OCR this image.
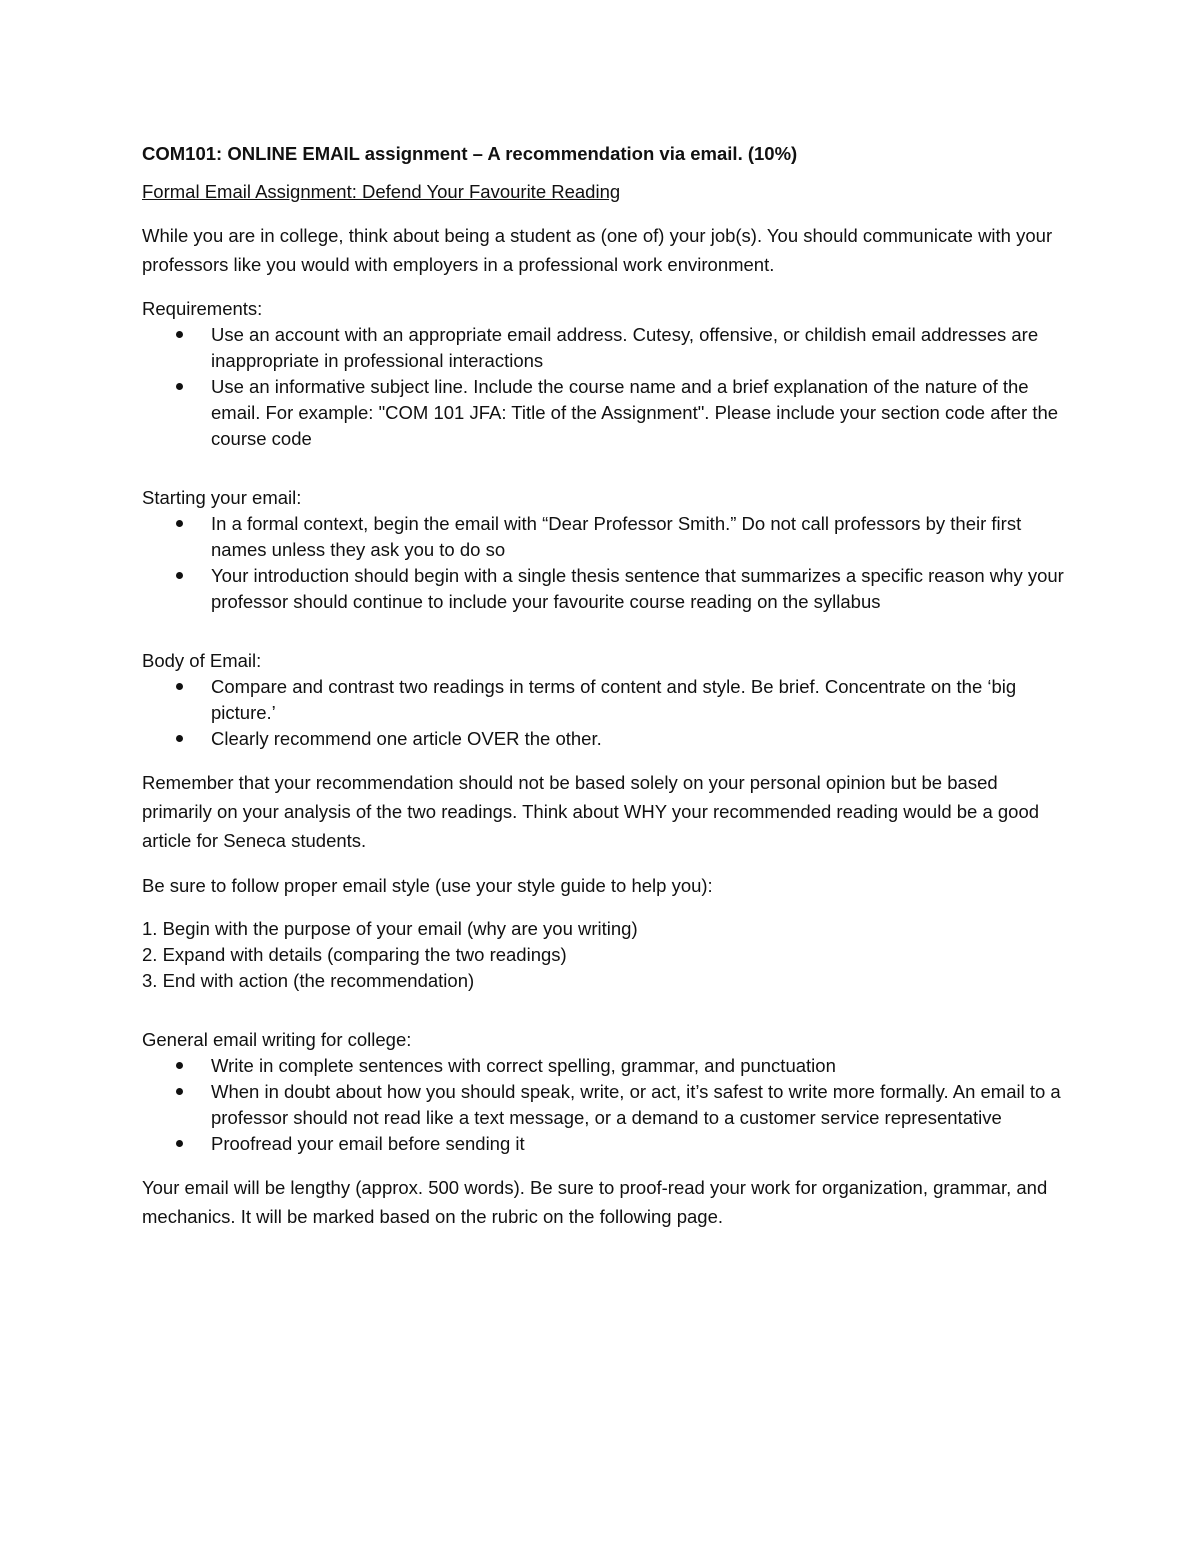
COM101: ONLINE EMAIL assignment – A recommendation via email. (10%)

Formal Email Assignment: Defend Your Favourite Reading

While you are in college, think about being a student as (one of) your job(s). You should communicate with your professors like you would with employers in a professional work environment.

Requirements:

Use an account with an appropriate email address. Cutesy, offensive, or childish email addresses are inappropriate in professional interactions
Use an informative subject line. Include the course name and a brief explanation of the nature of the email. For example: "COM 101 JFA: Title of the Assignment". Please include your section code after the course code

Starting your email:

In a formal context, begin the email with “Dear Professor Smith.” Do not call professors by their first names unless they ask you to do so
Your introduction should begin with a single thesis sentence that summarizes a specific reason why your professor should continue to include your favourite course reading on the syllabus

Body of Email:

Compare and contrast two readings in terms of content and style. Be brief. Concentrate on the ‘big picture.’
Clearly recommend one article OVER the other.

Remember that your recommendation should not be based solely on your personal opinion but be based primarily on your analysis of the two readings. Think about WHY your recommended reading would be a good article for Seneca students.

Be sure to follow proper email style (use your style guide to help you):

1. Begin with the purpose of your email (why are you writing)
2. Expand with details (comparing the two readings)
3. End with action (the recommendation)

General email writing for college:

Write in complete sentences with correct spelling, grammar, and punctuation
When in doubt about how you should speak, write, or act, it’s safest to write more formally. An email to a professor should not read like a text message, or a demand to a customer service representative
Proofread your email before sending it

Your email will be lengthy (approx. 500 words). Be sure to proof-read your work for organization, grammar, and mechanics. It will be marked based on the rubric on the following page.
